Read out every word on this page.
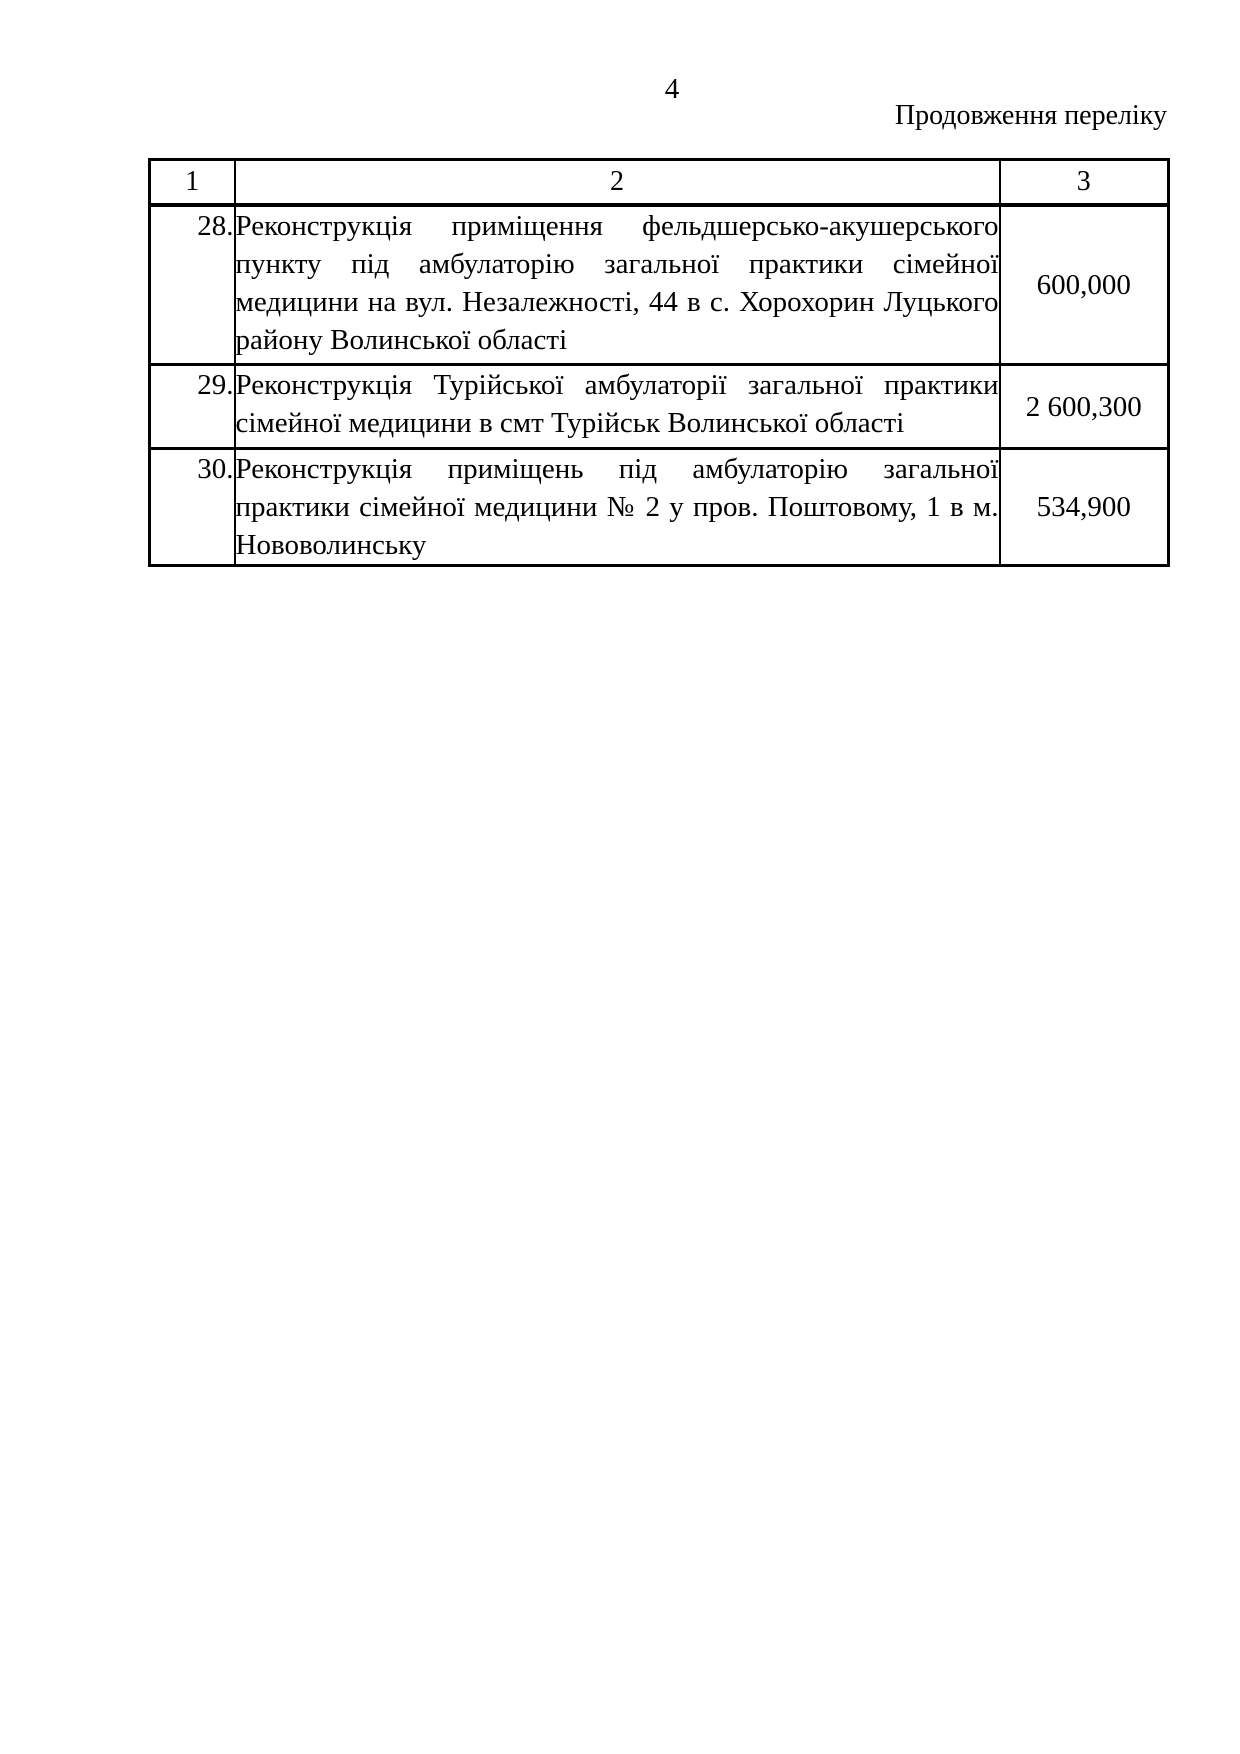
4
Продовження переліку
1	2	3
28.	Реконструкція приміщення фельдшерсько-акушерського пункту під амбулаторію загальної практики сімейної медицини на вул. Незалежності, 44 в с. Хорохорин Луцького району Волинської області	600,000
29.	Реконструкція Турійської амбулаторії загальної практики сімейної медицини в смт Турійськ Волинської області	2 600,300
30.	Реконструкція приміщень під амбулаторію загальної практики сімейної медицини № 2 у пров. Поштовому, 1 в м. Нововолинську	534,900
